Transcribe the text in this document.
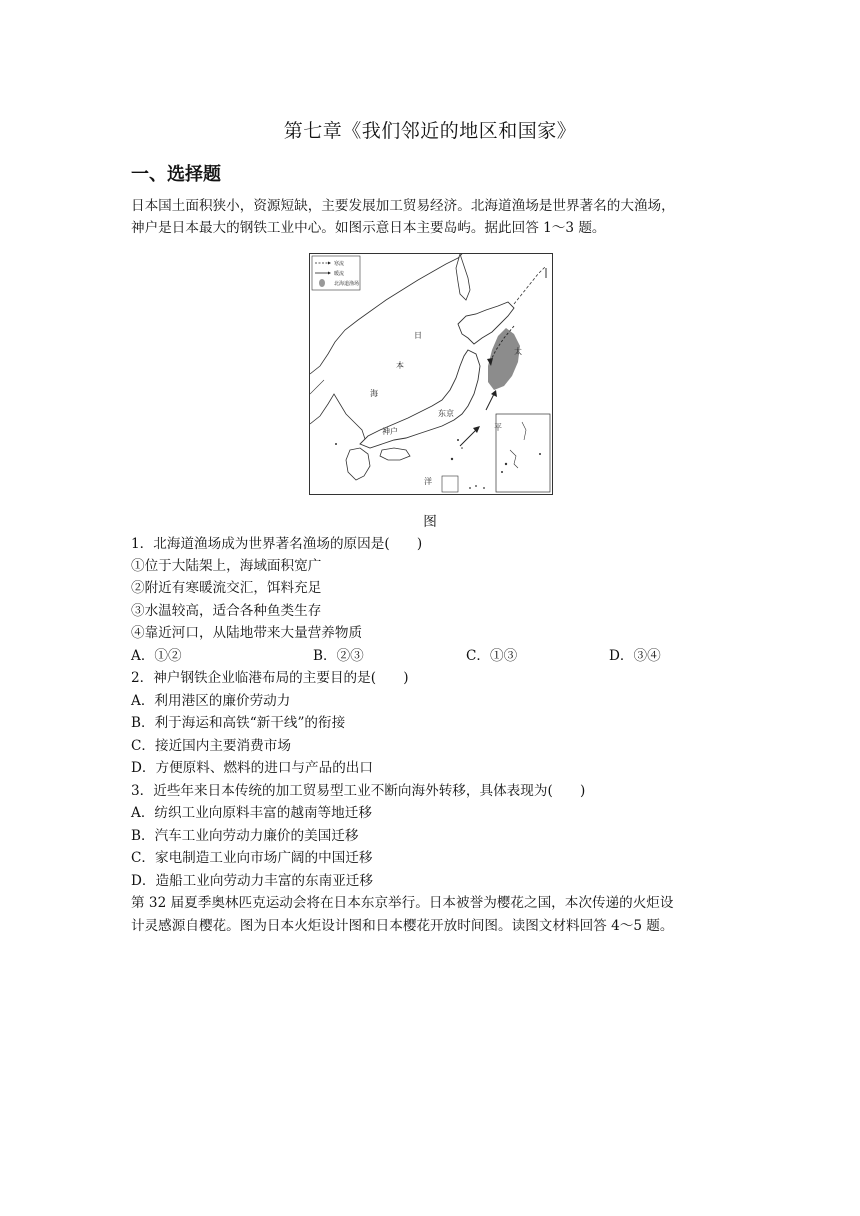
第七章《我们邻近的地区和国家》
一、选择题
日本国土面积狭小，资源短缺，主要发展加工贸易经济。北海道渔场是世界著名的大渔场，
神户是日本最大的钢铁工业中心。如图示意日本主要岛屿。据此回答 1～3 题。
寒流
暖流
北海道渔场
日
本
海
东京
神户
太
平
洋
图
1．北海道渔场成为世界著名渔场的原因是(　　)
①位于大陆架上，海域面积宽广
②附近有寒暖流交汇，饵料充足
③水温较高，适合各种鱼类生存
④靠近河口，从陆地带来大量营养物质
A．①②	B．②③	C．①③	D．③④
2．神户钢铁企业临港布局的主要目的是(　　)
A．利用港区的廉价劳动力
B．利于海运和高铁“新干线”的衔接
C．接近国内主要消费市场
D．方便原料、燃料的进口与产品的出口
3．近些年来日本传统的加工贸易型工业不断向海外转移，具体表现为(　　)
A．纺织工业向原料丰富的越南等地迁移
B．汽车工业向劳动力廉价的美国迁移
C．家电制造工业向市场广阔的中国迁移
D．造船工业向劳动力丰富的东南亚迁移
第 32 届夏季奥林匹克运动会将在日本东京举行。日本被誉为樱花之国，本次传递的火炬设
计灵感源自樱花。图为日本火炬设计图和日本樱花开放时间图。读图文材料回答 4～5 题。
